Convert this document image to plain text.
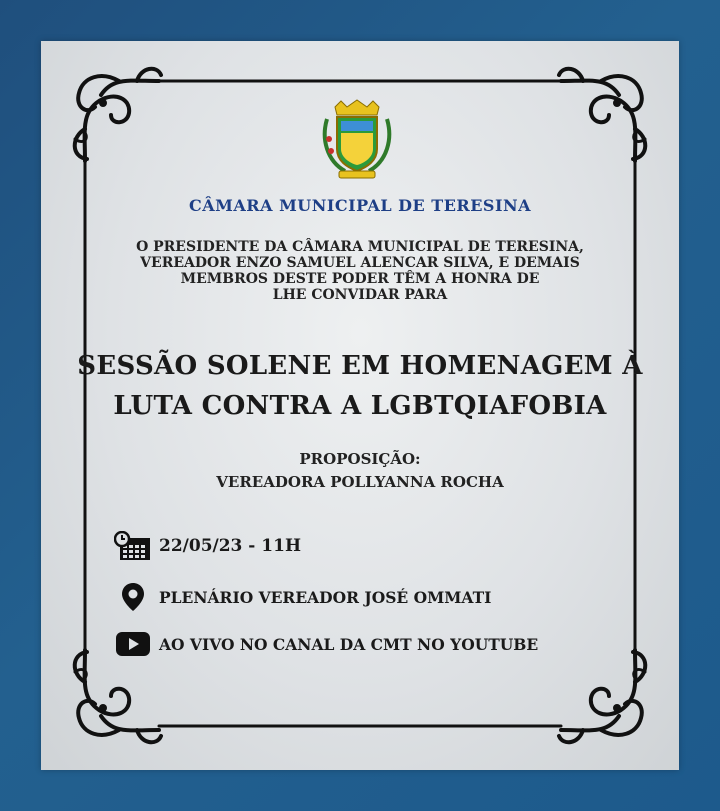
CÂMARA MUNICIPAL DE TERESINA

O PRESIDENTE DA CÂMARA MUNICIPAL DE TERESINA,
VEREADOR ENZO SAMUEL ALENCAR SILVA, E DEMAIS
MEMBROS DESTE PODER TÊM A HONRA DE
LHE CONVIDAR PARA
SESSÃO SOLENE EM HOMENAGEM À
LUTA CONTRA A LGBTQIAFOBIA

PROPOSIÇÃO:

VEREADORA POLLYANNA ROCHA

22/05/23 - 11H
PLENÁRIO VEREADOR JOSÉ OMMATI
AO VIVO NO CANAL DA CMT NO YOUTUBE
